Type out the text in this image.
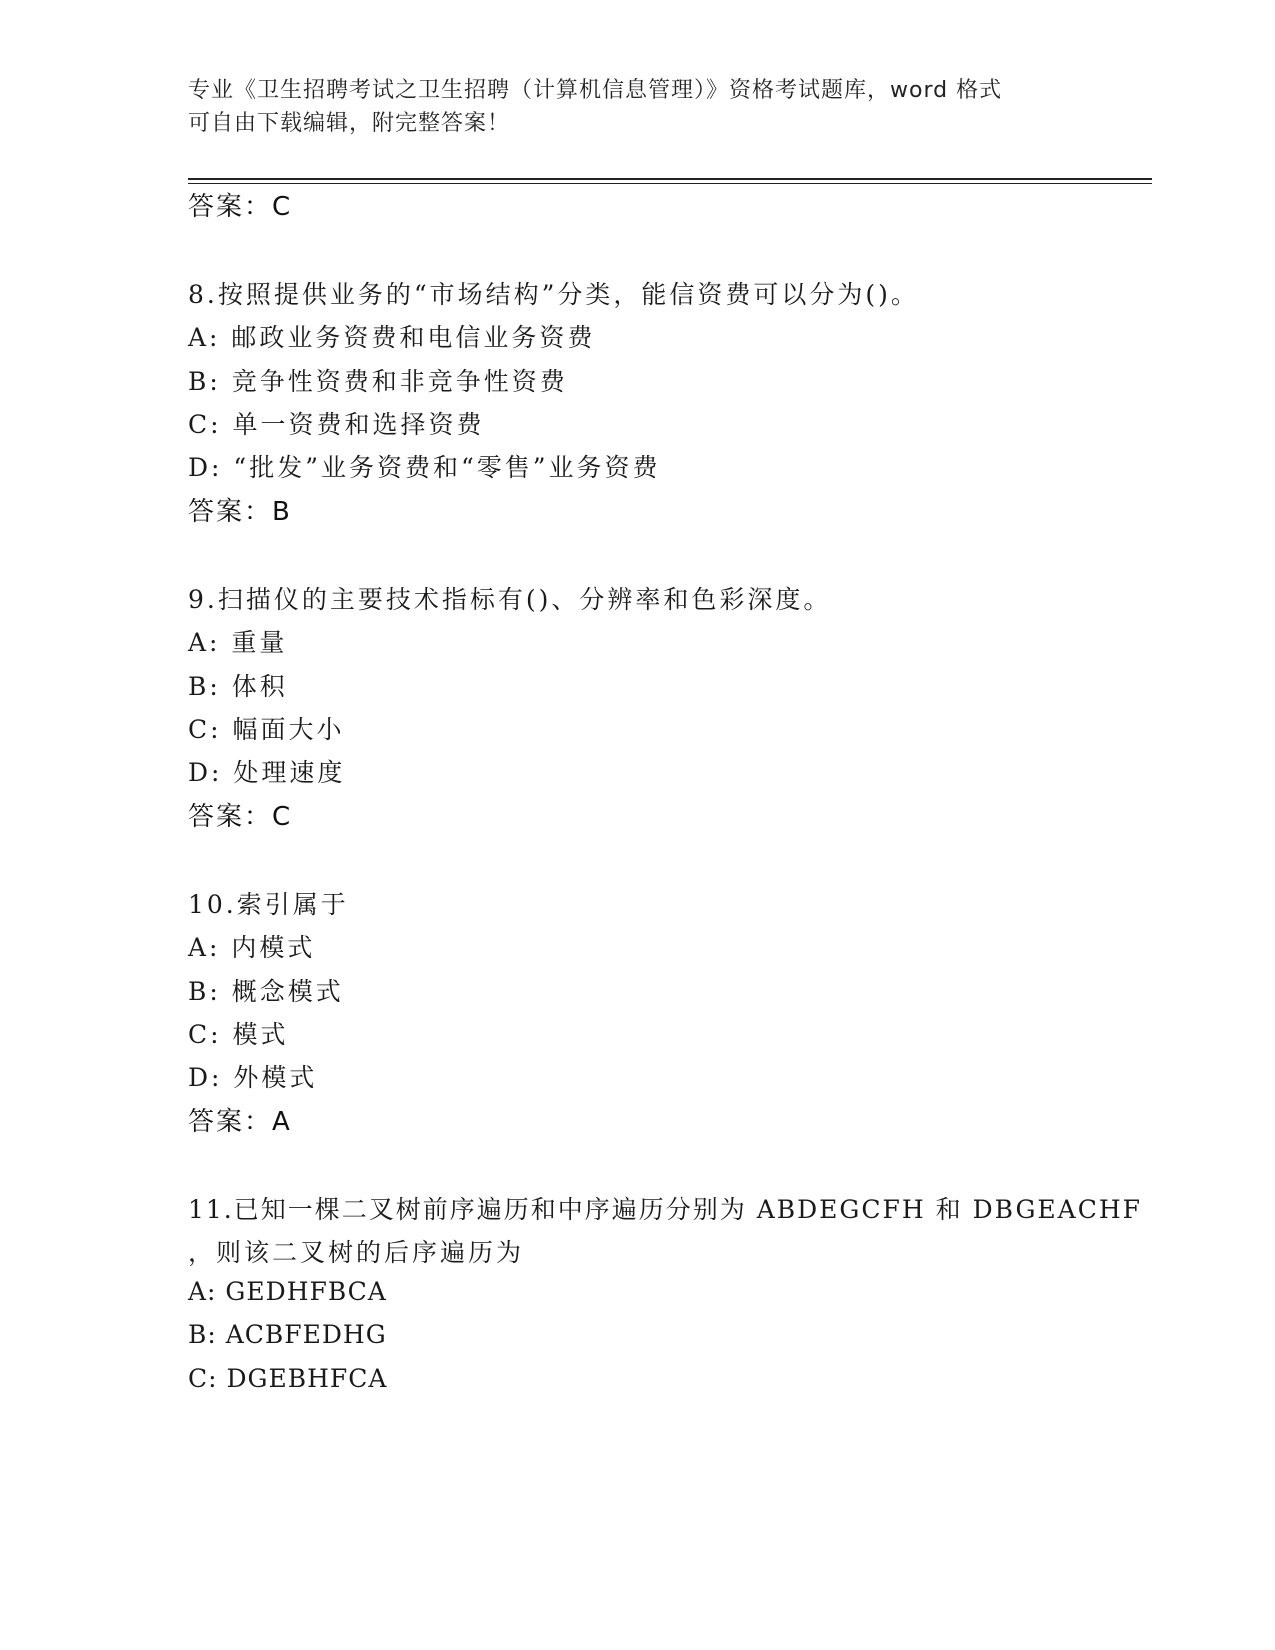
专业《卫生招聘考试之卫生招聘（计算机信息管理）》资格考试题库，word 格式
可自由下载编辑，附完整答案！
答案：C
8.按照提供业务的“市场结构”分类，能信资费可以分为()。
A: 邮政业务资费和电信业务资费
B: 竞争性资费和非竞争性资费
C: 单一资费和选择资费
D: “批发”业务资费和“零售”业务资费
答案：B
9.扫描仪的主要技术指标有()、分辨率和色彩深度。
A: 重量
B: 体积
C: 幅面大小
D: 处理速度
答案：C
10.索引属于
A: 内模式
B: 概念模式
C: 模式
D: 外模式
答案：A
11.已知一棵二叉树前序遍历和中序遍历分别为 ABDEGCFH 和 DBGEACHF
，则该二叉树的后序遍历为
A: GEDHFBCA
B: ACBFEDHG
C: DGEBHFCA
